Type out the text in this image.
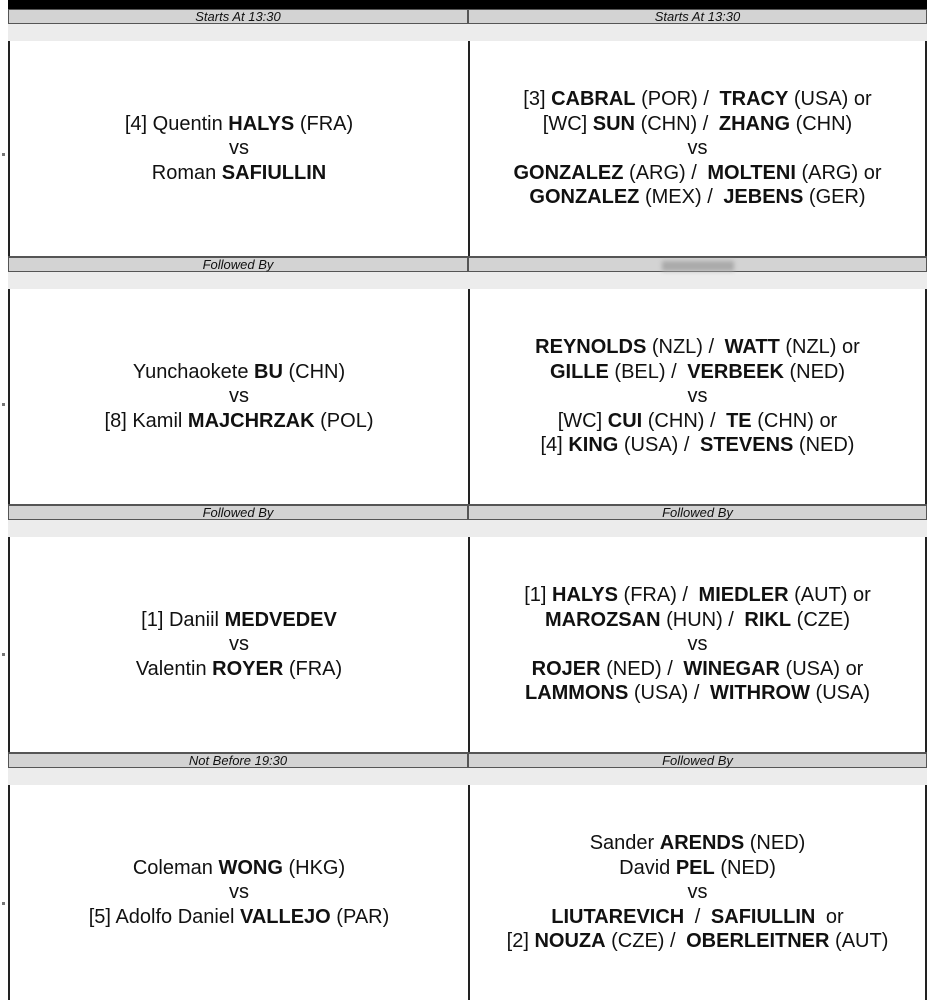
Starts At 13:30
[4] Quentin HALYS (FRA)
vs
Roman SAFIULLIN
Followed By
Yunchaokete BU (CHN)
vs
[8] Kamil MAJCHRZAK (POL)
Followed By
[1] Daniil MEDVEDEV
vs
Valentin ROYER (FRA)
Not Before 19:30
Coleman WONG (HKG)
vs
[5] Adolfo Daniel VALLEJO (PAR)
Starts At 13:30
[3] CABRAL (POR) / TRACY (USA) or
[WC] SUN (CHN) / ZHANG (CHN)
vs
GONZALEZ (ARG) / MOLTENI (ARG) or
GONZALEZ (MEX) / JEBENS (GER)
REYNOLDS (NZL) / WATT (NZL) or
GILLE (BEL) / VERBEEK (NED)
vs
[WC] CUI (CHN) / TE (CHN) or
[4] KING (USA) / STEVENS (NED)
Followed By
[1] HALYS (FRA) / MIEDLER (AUT) or
MAROZSAN (HUN) / RIKL (CZE)
vs
ROJER (NED) / WINEGAR (USA) or
LAMMONS (USA) / WITHROW (USA)
Followed By
Sander ARENDS (NED)
David PEL (NED)
vs
LIUTAREVICH / SAFIULLIN or
[2] NOUZA (CZE) / OBERLEITNER (AUT)
